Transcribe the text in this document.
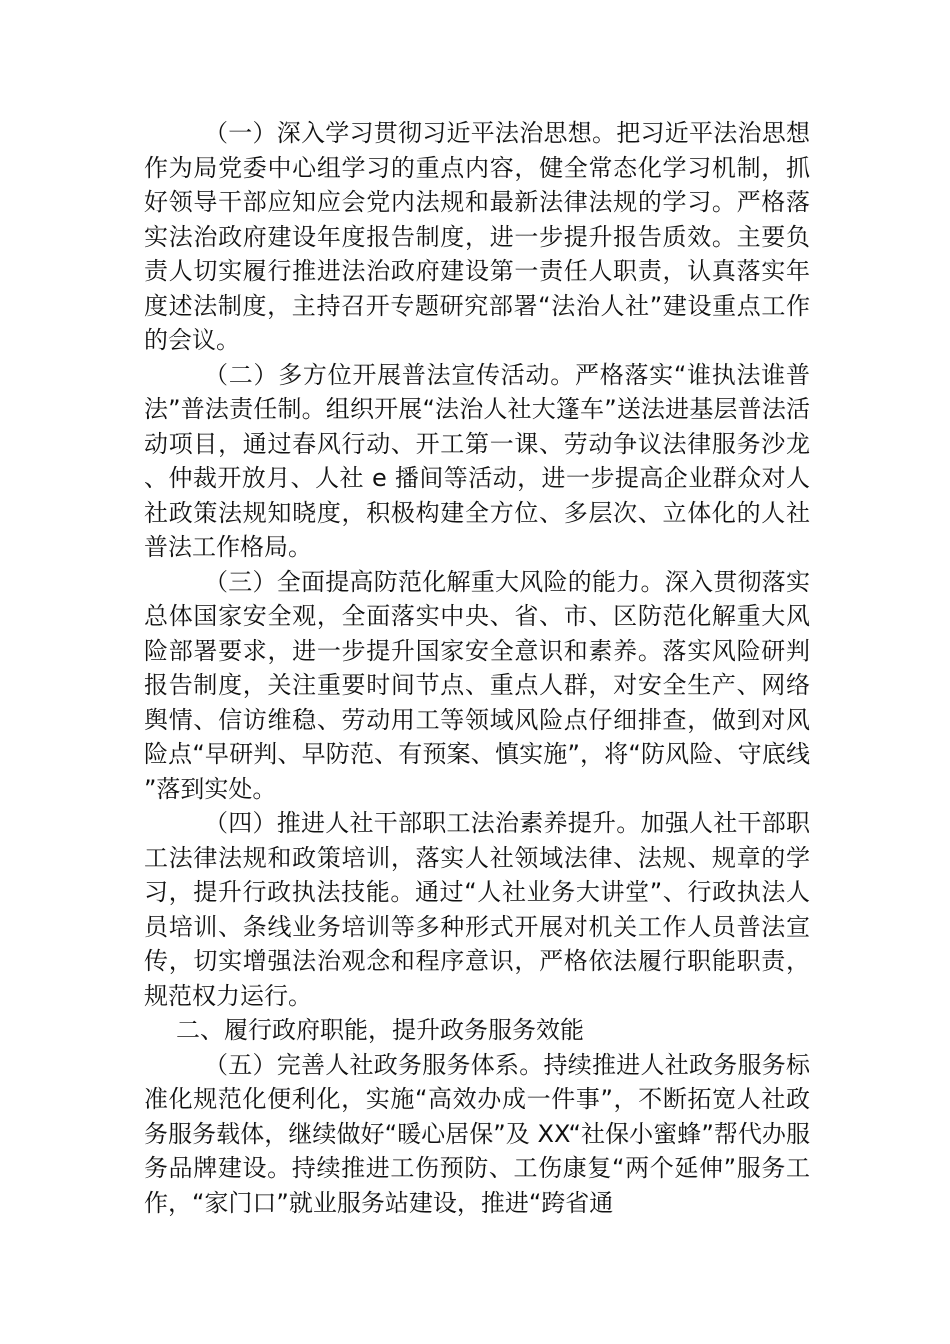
（一）深入学习贯彻习近平法治思想。把习近平法治思想作为局党委中心组学习的重点内容，健全常态化学习机制，抓好领导干部应知应会党内法规和最新法律法规的学习。严格落实法治政府建设年度报告制度，进一步提升报告质效。主要负责人切实履行推进法治政府建设第一责任人职责，认真落实年度述法制度，主持召开专题研究部署“法治人社”建设重点工作的会议。

（二）多方位开展普法宣传活动。严格落实“谁执法谁普法”普法责任制。组织开展“法治人社大篷车”送法进基层普法活动项目，通过春风行动、开工第一课、劳动争议法律服务沙龙、仲裁开放月、人社 e 播间等活动，进一步提高企业群众对人社政策法规知晓度，积极构建全方位、多层次、立体化的人社普法工作格局。

（三）全面提高防范化解重大风险的能力。深入贯彻落实总体国家安全观，全面落实中央、省、市、区防范化解重大风险部署要求，进一步提升国家安全意识和素养。落实风险研判报告制度，关注重要时间节点、重点人群，对安全生产、网络舆情、信访维稳、劳动用工等领域风险点仔细排查，做到对风险点“早研判、早防范、有预案、慎实施”，将“防风险、守底线”落到实处。

（四）推进人社干部职工法治素养提升。加强人社干部职工法律法规和政策培训，落实人社领域法律、法规、规章的学习，提升行政执法技能。通过“人社业务大讲堂”、行政执法人员培训、条线业务培训等多种形式开展对机关工作人员普法宣传，切实增强法治观念和程序意识，严格依法履行职能职责，规范权力运行。

二、履行政府职能，提升政务服务效能

（五）完善人社政务服务体系。持续推进人社政务服务标准化规范化便利化，实施“高效办成一件事”，不断拓宽人社政务服务载体，继续做好“暖心居保”及 XX“社保小蜜蜂”帮代办服务品牌建设。持续推进工伤预防、工伤康复“两个延伸”服务工作，“家门口”就业服务站建设，推进“跨省通
